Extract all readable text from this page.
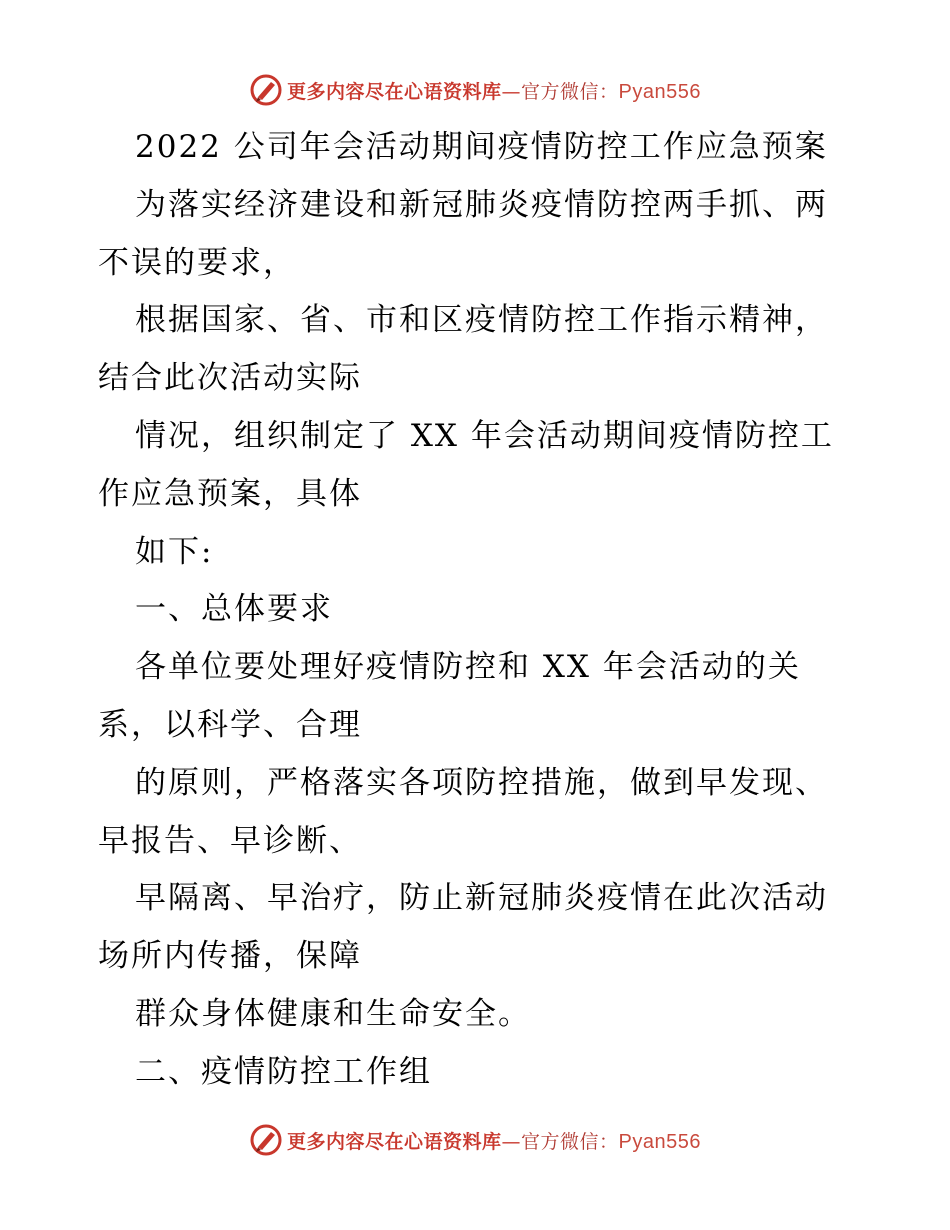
更多内容尽在心语资料库—官方微信：Pyan556
2022 公司年会活动期间疫情防控工作应急预案
为落实经济建设和新冠肺炎疫情防控两手抓、两
不误的要求，
根据国家、省、市和区疫情防控工作指示精神，
结合此次活动实际
情况，组织制定了 XX 年会活动期间疫情防控工
作应急预案，具体
如下:
一、总体要求
各单位要处理好疫情防控和 XX 年会活动的关
系，以科学、合理
的原则，严格落实各项防控措施，做到早发现、
早报告、早诊断、
早隔离、早治疗，防止新冠肺炎疫情在此次活动
场所内传播，保障
群众身体健康和生命安全。
二、疫情防控工作组
更多内容尽在心语资料库—官方微信：Pyan556
